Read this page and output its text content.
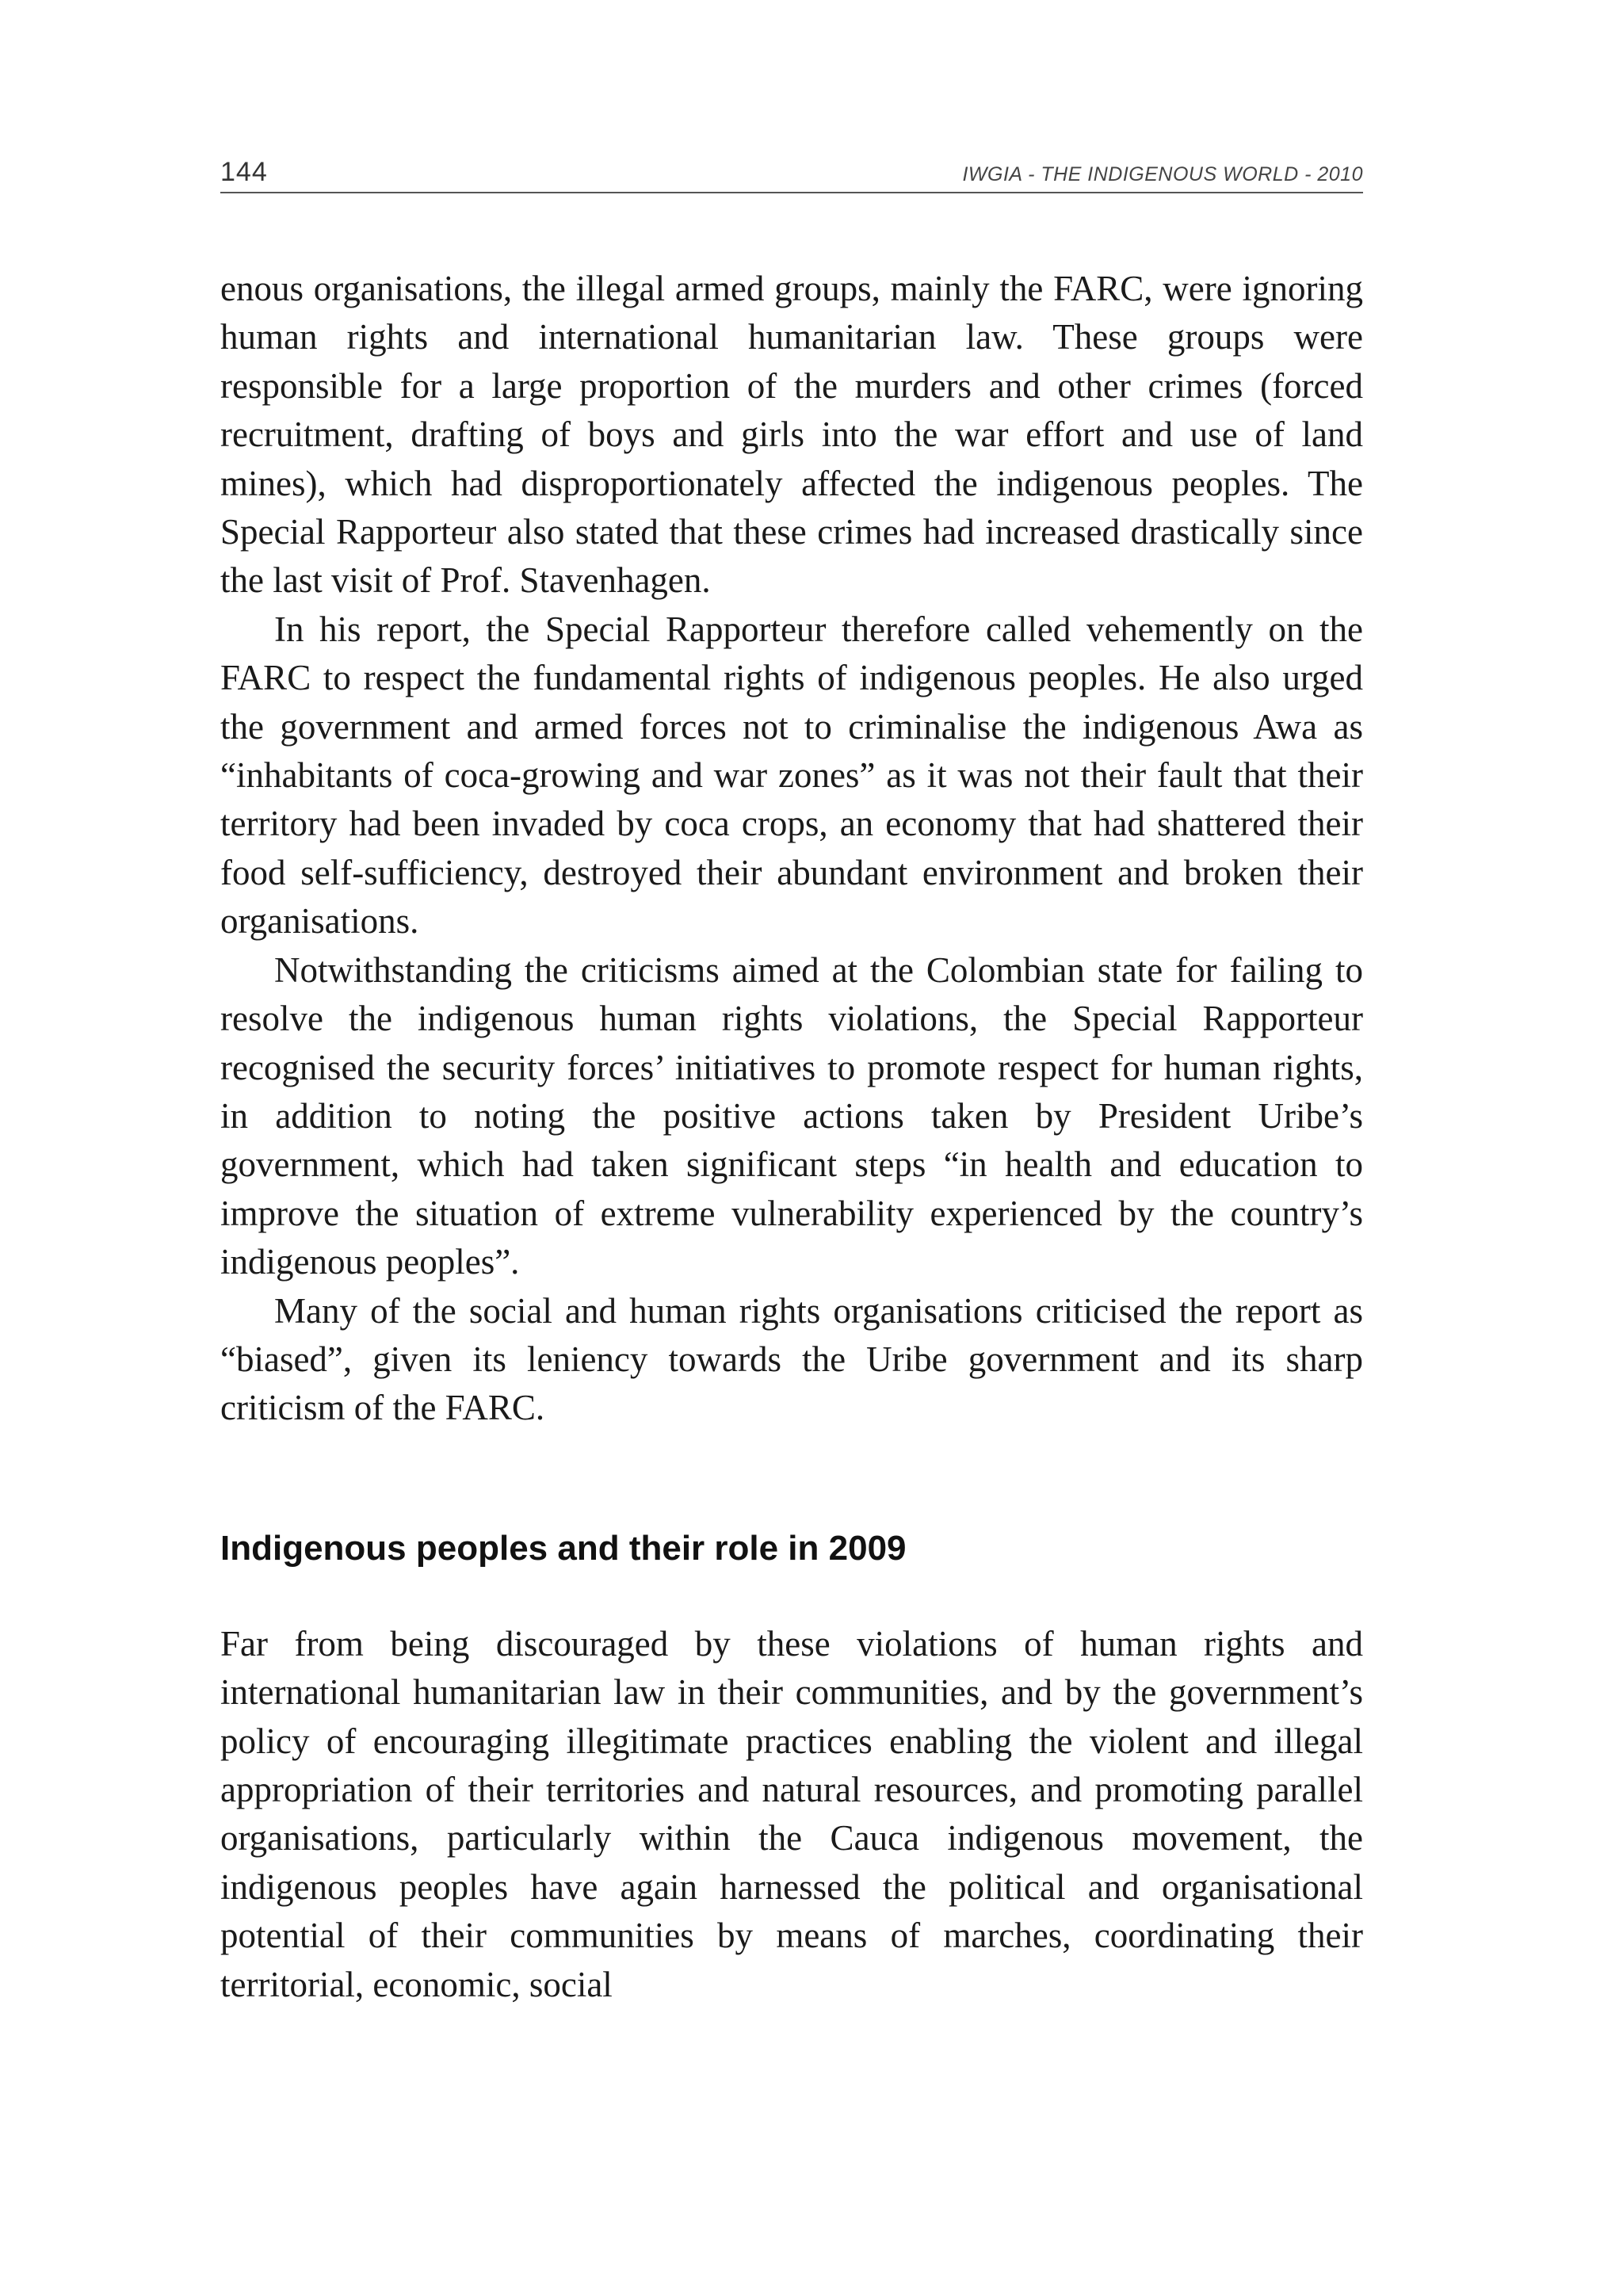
144	IWGIA - THE INDIGENOUS WORLD - 2010

enous organisations, the illegal armed groups, mainly the FARC, were ignoring human rights and international humanitarian law. These groups were responsible for a large proportion of the murders and other crimes (forced recruitment, drafting of boys and girls into the war effort and use of land mines), which had disproportionately affected the indigenous peoples. The Special Rapporteur also stated that these crimes had increased drastically since the last visit of Prof. Stavenhagen.

In his report, the Special Rapporteur therefore called vehemently on the FARC to respect the fundamental rights of indigenous peoples. He also urged the government and armed forces not to criminalise the indigenous Awa as “inhabitants of coca-growing and war zones” as it was not their fault that their territory had been invaded by coca crops, an economy that had shattered their food self-sufficiency, destroyed their abundant environment and broken their organisations.

Notwithstanding the criticisms aimed at the Colombian state for failing to resolve the indigenous human rights violations, the Special Rapporteur recognised the security forces’ initiatives to promote respect for human rights, in addition to noting the positive actions taken by President Uribe’s government, which had taken significant steps “in health and education to improve the situation of extreme vulnerability experienced by the country’s indigenous peoples”.

Many of the social and human rights organisations criticised the report as “biased”, given its leniency towards the Uribe government and its sharp criticism of the FARC.

Indigenous peoples and their role in 2009

Far from being discouraged by these violations of human rights and international humanitarian law in their communities, and by the government’s policy of encouraging illegitimate practices enabling the violent and illegal appropriation of their territories and natural resources, and promoting parallel organisations, particularly within the Cauca indigenous movement, the indigenous peoples have again harnessed the political and organisational potential of their communities by means of marches, coordinating their territorial, economic, social
